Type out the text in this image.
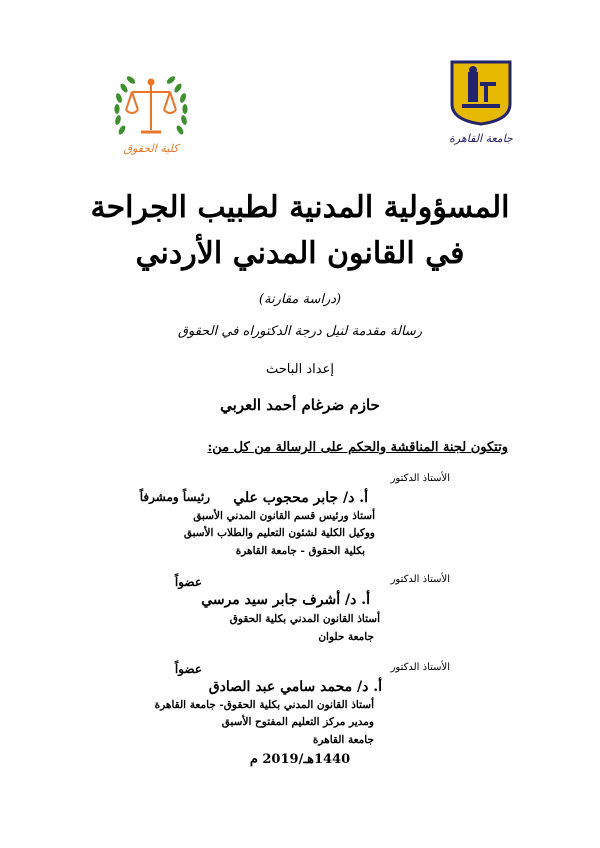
كلية الحقوق
جامعة القاهرة
المسؤولية المدنية لطبيب الجراحة
في القانون المدني الأردني
(دراسة مقارنة)
رسالة مقدمة لنيل درجة الدكتوراه في الحقوق
إعداد الباحث
حازم ضرغام أحمد العربي
وتتكون لجنة المناقشة والحكم على الرسالة من كل من:
الأستاذ الدكتور
أ. د/ جابر محجوب علي
رئيساً ومشرفاً
أستاذ ورئيس قسم القانون المدني الأسبق
ووكيل الكلية لشئون التعليم والطلاب الأسبق
بكلية الحقوق - جامعة القاهرة
الأستاذ الدكتور
أ. د/ أشرف جابر سيد مرسي
عضواً
أستاذ القانون المدني بكلية الحقوق
جامعة حلوان
الأستاذ الدكتور
أ. د/ محمد سامي عبد الصادق
عضواً
أستاذ القانون المدني بكلية الحقوق- جامعة القاهرة
ومدير مركز التعليم المفتوح الأسبق
جامعة القاهرة
1440هـ/2019 م
